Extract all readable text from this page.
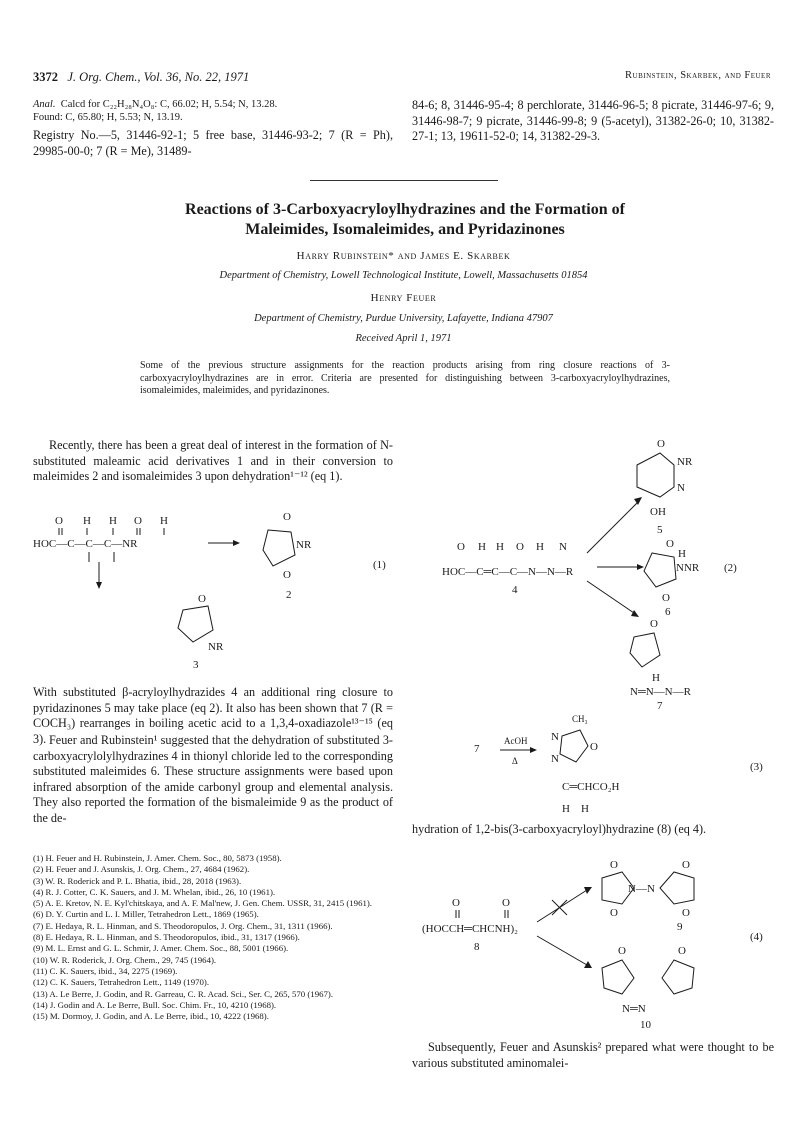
3372 J. Org. Chem., Vol. 36, No. 22, 1971	Rubinstein, Skarbek, and Feuer
Anal. Calcd for C₂₂H₂₈N₄O₈: C, 66.02; H, 5.54; N, 13.28.
Found: C, 65.80; H, 5.53; N, 13.19.
Registry No.—5, 31446-92-1; 5 free base, 31446-93-2; 7 (R = Ph), 29985-00-0; 7 (R = Me), 31489-
84-6; 8, 31446-95-4; 8 perchlorate, 31446-96-5; 8 picrate, 31446-97-6; 9, 31446-98-7; 9 picrate, 31446-99-8; 9 (5-acetyl), 31382-26-0; 10, 31382-27-1; 13, 19611-52-0; 14, 31382-29-3.
Reactions of 3-Carboxyacryloylhydrazines and the Formation of
Maleimides, Isomaleimides, and Pyridazinones
Harry Rubinstein* and James E. Skarbek
Department of Chemistry, Lowell Technological Institute, Lowell, Massachusetts 01854
Henry Feuer
Department of Chemistry, Purdue University, Lafayette, Indiana 47907
Received April 1, 1971
Some of the previous structure assignments for the reaction products arising from ring closure reactions of 3-carboxyacryloylhydrazines are in error. Criteria are presented for distinguishing between 3-carboxyacryloylhydrazines, isomaleimides, maleimides, and pyridazinones.
Recently, there has been a great deal of interest in the formation of N-substituted maleamic acid derivatives 1 and in their conversion to maleimides 2 and isomaleimides 3 upon dehydration¹⁻¹² (eq 1).
O H H O H
HOC—C—C—C—NR	NR
O
O
2
(1)
O
NR
3
With substituted β-acryloylhydrazides 4 an additional ring closure to pyridazinones 5 may take place (eq 2). It also has been shown that 7 (R = COCH₃) rearranges in boiling acetic acid to a 1,3,4-oxadiazole¹³⁻¹⁵ (eq 3). Feuer and Rubinstein¹ suggested that the dehydration of substituted 3-carboxyacrylolylhydrazines 4 in thionyl chloride led to the corresponding substituted maleimides 6. These structure assignments were based upon infrared absorption of the amide carbonyl group and elemental analysis. They also reported the formation of the bismaleimide 9 as the product of the de-
(1) H. Feuer and H. Rubinstein, J. Amer. Chem. Soc., 80, 5873 (1958).
(2) H. Feuer and J. Asunskis, J. Org. Chem., 27, 4684 (1962).
(3) W. R. Roderick and P. L. Bhatia, ibid., 28, 2018 (1963).
(4) R. J. Cotter, C. K. Sauers, and J. M. Whelan, ibid., 26, 10 (1961).
(5) A. E. Kretov, N. E. Kyl'chitskaya, and A. F. Mal'new, J. Gen. Chem. USSR, 31, 2415 (1961).
(6) D. Y. Curtin and L. I. Miller, Tetrahedron Lett., 1869 (1965).
(7) E. Hedaya, R. L. Hinman, and S. Theodoropulos, J. Org. Chem., 31, 1311 (1966).
(8) E. Hedaya, R. L. Hinman, and S. Theodoropulos, ibid., 31, 1317 (1966).
(9) M. L. Ernst and G. L. Schmir, J. Amer. Chem. Soc., 88, 5001 (1966).
(10) W. R. Roderick, J. Org. Chem., 29, 745 (1964).
(11) C. K. Sauers, ibid., 34, 2275 (1969).
(12) C. K. Sauers, Tetrahedron Lett., 1149 (1970).
(13) A. Le Berre, J. Godin, and R. Garreau, C. R. Acad. Sci., Ser. C, 265, 570 (1967).
(14) J. Godin and A. Le Berre, Bull. Soc. Chim. Fr., 10, 4210 (1968).
(15) M. Dormoy, J. Godin, and A. Le Berre, ibid., 10, 4222 (1968).
O
NR
N
OH
5
O H H O H N
HOC—C═C—C—N—N—R
4
O
H
NNR
O
6
(2)
O
H
N═N—N—R
7
7
AcOH
Δ
CH₃
N
O
N
C═CHCO₂H
H    H
(3)
hydration of 1,2-bis(3-carboxyacryloyl)hydrazine (8) (eq 4).
O	O
(HOCCH═CHCNH)₂
8
N—N
O	O
O	O
9
O	O
N═N
10
(4)
Subsequently, Feuer and Asunskis² prepared what were thought to be various substituted aminomalei-
